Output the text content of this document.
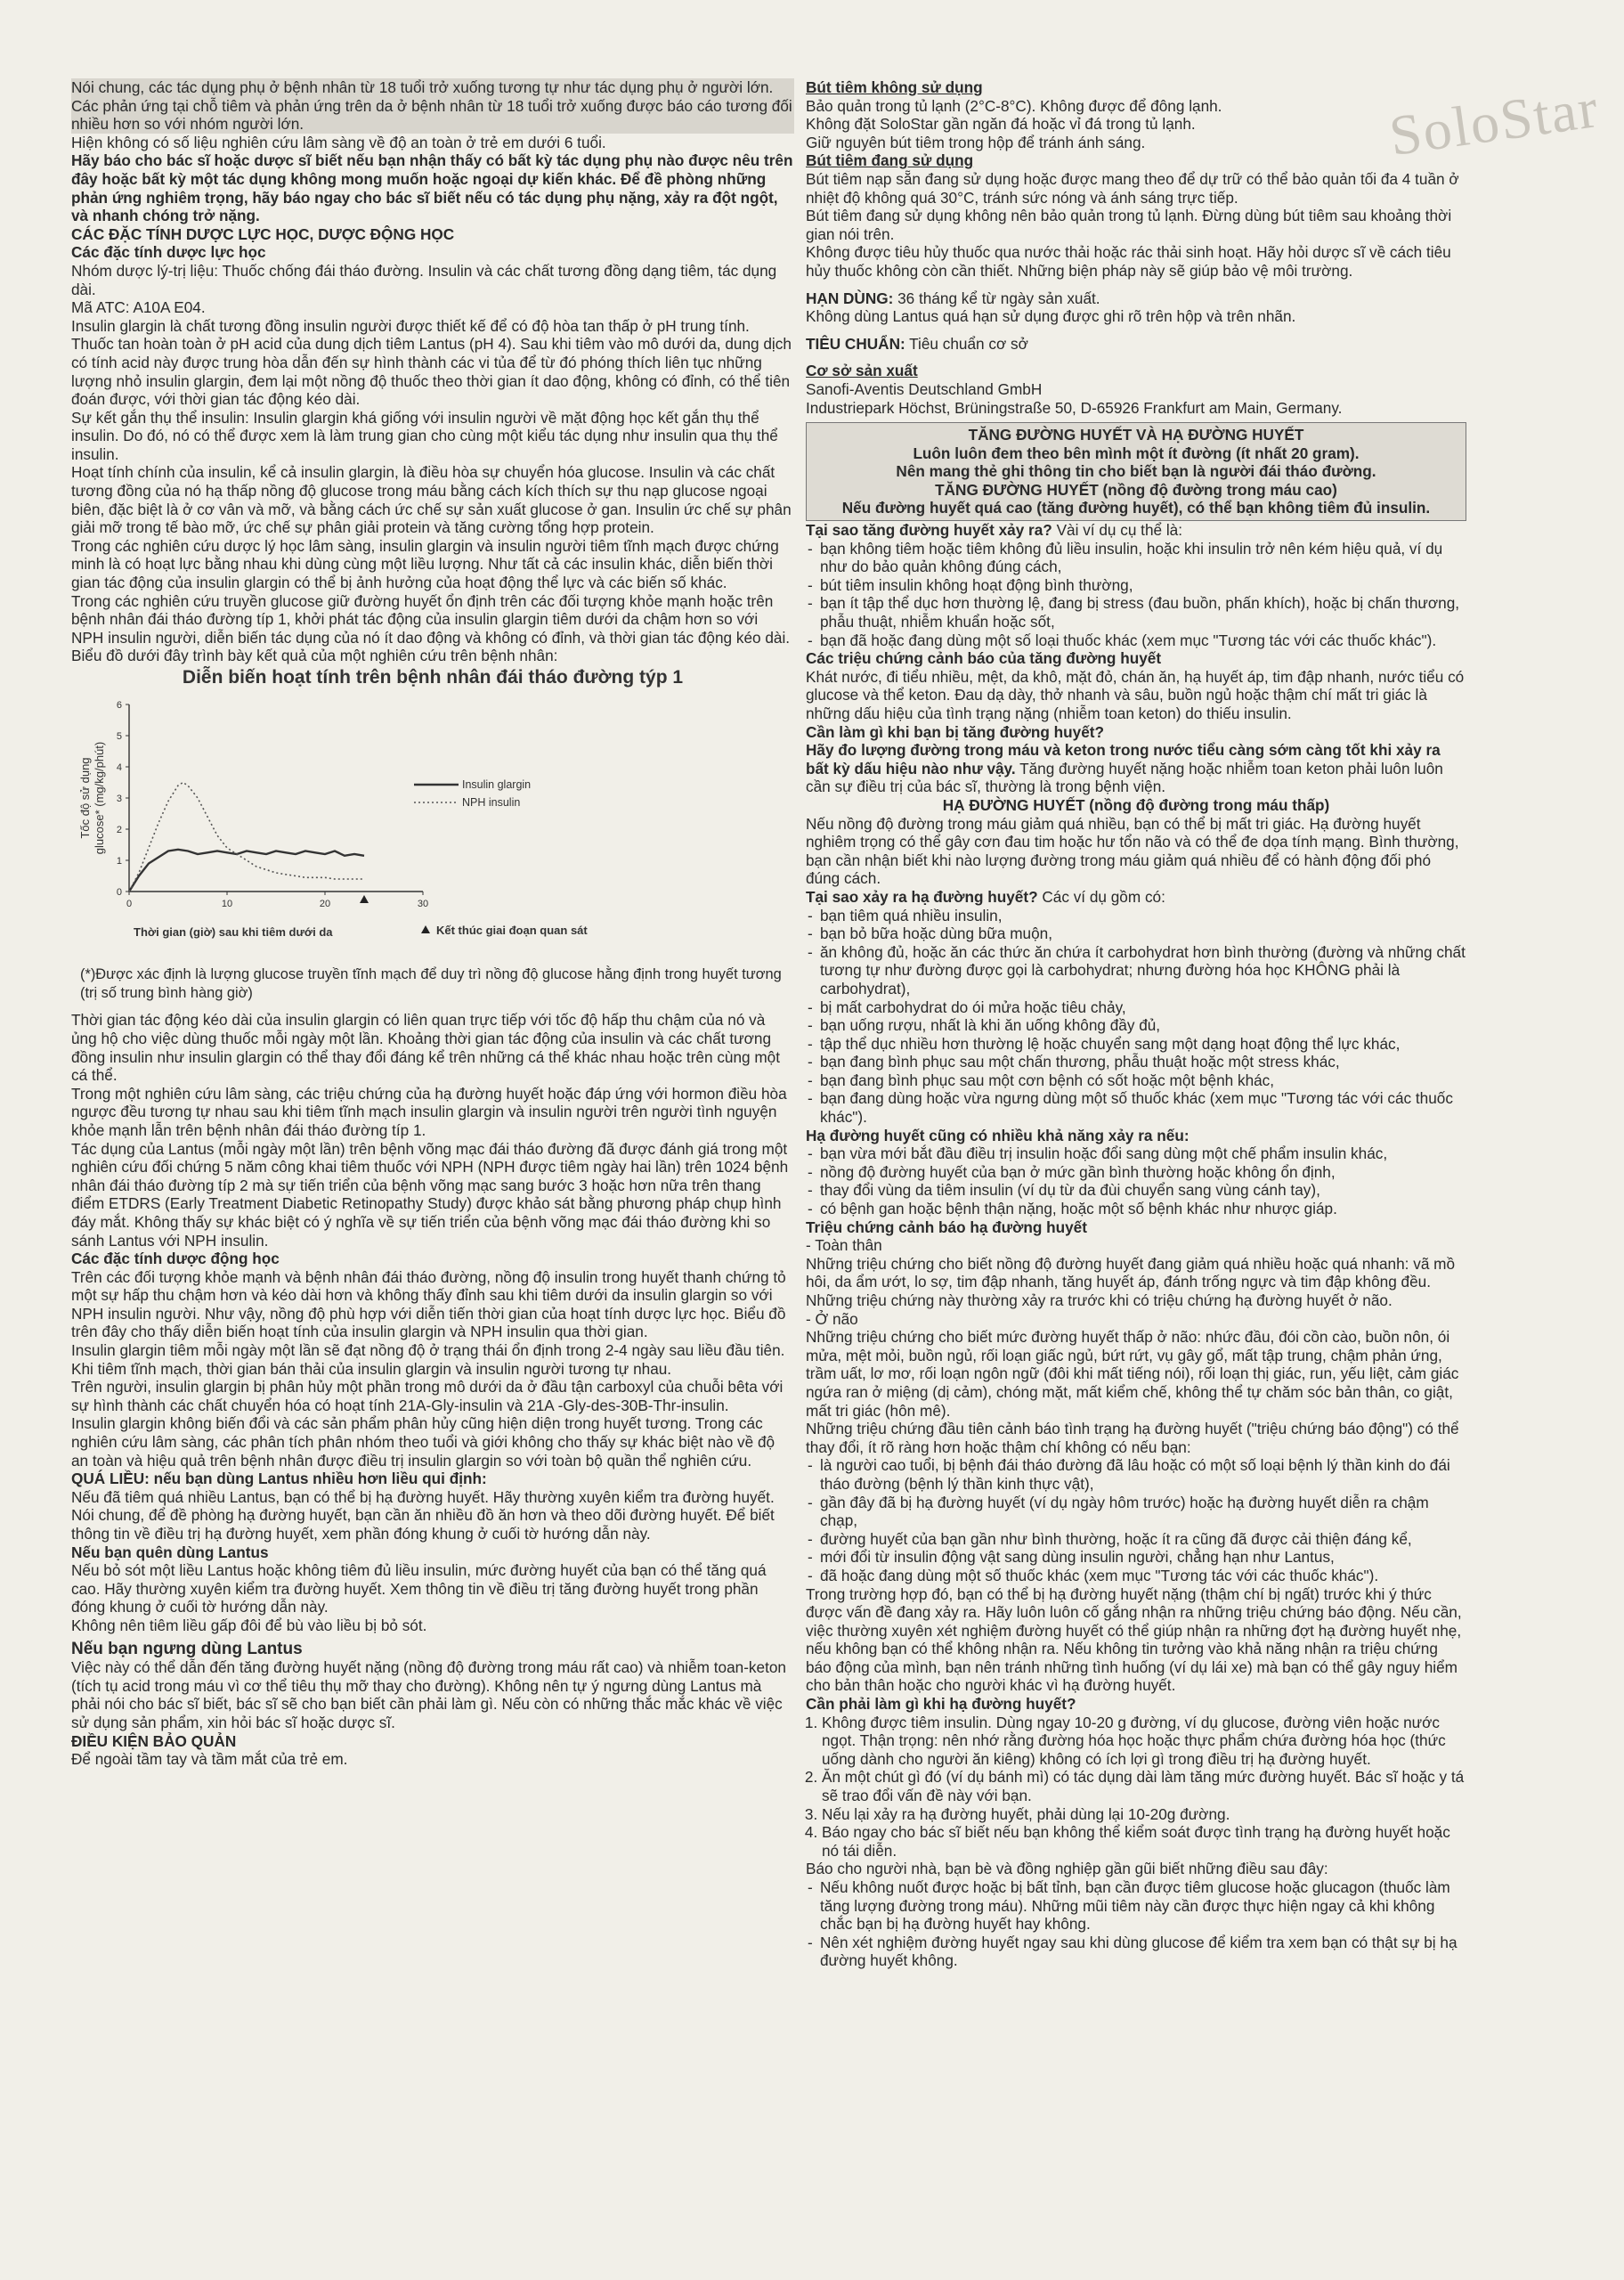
SoloStar

Nói chung, các tác dụng phụ ở bệnh nhân từ 18 tuổi trở xuống tương tự như tác dụng phụ ở người lớn. Các phản ứng tại chỗ tiêm và phản ứng trên da ở bệnh nhân từ 18 tuổi trở xuống được báo cáo tương đối nhiều hơn so với nhóm người lớn.

Hiện không có số liệu nghiên cứu lâm sàng về độ an toàn ở trẻ em dưới 6 tuổi.

Hãy báo cho bác sĩ hoặc dược sĩ biết nếu bạn nhận thấy có bất kỳ tác dụng phụ nào được nêu trên đây hoặc bất kỳ một tác dụng không mong muốn hoặc ngoại dự kiến khác. Để đề phòng những phản ứng nghiêm trọng, hãy báo ngay cho bác sĩ biết nếu có tác dụng phụ nặng, xảy ra đột ngột, và nhanh chóng trở nặng.

CÁC ĐẶC TÍNH DƯỢC LỰC HỌC, DƯỢC ĐỘNG HỌC

Các đặc tính dược lực học

Nhóm dược lý-trị liệu: Thuốc chống đái tháo đường. Insulin và các chất tương đồng dạng tiêm, tác dụng dài.

Mã ATC: A10A E04.

Insulin glargin là chất tương đồng insulin người được thiết kế để có độ hòa tan thấp ở pH trung tính. Thuốc tan hoàn toàn ở pH acid của dung dịch tiêm Lantus (pH 4). Sau khi tiêm vào mô dưới da, dung dịch có tính acid này được trung hòa dẫn đến sự hình thành các vi tủa để từ đó phóng thích liên tục những lượng nhỏ insulin glargin, đem lại một nồng độ thuốc theo thời gian ít dao động, không có đỉnh, có thể tiên đoán được, với thời gian tác động kéo dài.

Sự kết gắn thụ thể insulin: Insulin glargin khá giống với insulin người về mặt động học kết gắn thụ thể insulin. Do đó, nó có thể được xem là làm trung gian cho cùng một kiểu tác dụng như insulin qua thụ thể insulin.

Hoạt tính chính của insulin, kể cả insulin glargin, là điều hòa sự chuyển hóa glucose. Insulin và các chất tương đồng của nó hạ thấp nồng độ glucose trong máu bằng cách kích thích sự thu nạp glucose ngoại biên, đặc biệt là ở cơ vân và mỡ, và bằng cách ức chế sự sản xuất glucose ở gan. Insulin ức chế sự phân giải mỡ trong tế bào mỡ, ức chế sự phân giải protein và tăng cường tổng hợp protein.

Trong các nghiên cứu dược lý học lâm sàng, insulin glargin và insulin người tiêm tĩnh mạch được chứng minh là có hoạt lực bằng nhau khi dùng cùng một liều lượng. Như tất cả các insulin khác, diễn biến thời gian tác động của insulin glargin có thể bị ảnh hưởng của hoạt động thể lực và các biến số khác.

Trong các nghiên cứu truyền glucose giữ đường huyết ổn định trên các đối tượng khỏe mạnh hoặc trên bệnh nhân đái tháo đường típ 1, khởi phát tác động của insulin glargin tiêm dưới da chậm hơn so với NPH insulin người, diễn biến tác dụng của nó ít dao động và không có đỉnh, và thời gian tác động kéo dài.

Biểu đồ dưới đây trình bày kết quả của một nghiên cứu trên bệnh nhân:

Diễn biến hoạt tính trên bệnh nhân đái tháo đường týp 1
0
1
2
3
4
5
6
0	10	20	30
Tốc độ sử dụng glucose* (mg/kg/phút)	Insulin glargin
NPH insulin
Thời gian (giờ) sau khi tiêm dưới da	Kết thúc giai đoạn quan sát

(*)Được xác định là lượng glucose truyền tĩnh mạch để duy trì nồng độ glucose hằng định trong huyết tương (trị số trung bình hàng giờ)

Thời gian tác động kéo dài của insulin glargin có liên quan trực tiếp với tốc độ hấp thu chậm của nó và ủng hộ cho việc dùng thuốc mỗi ngày một lần. Khoảng thời gian tác động của insulin và các chất tương đồng insulin như insulin glargin có thể thay đổi đáng kể trên những cá thể khác nhau hoặc trên cùng một cá thể.

Trong một nghiên cứu lâm sàng, các triệu chứng của hạ đường huyết hoặc đáp ứng với hormon điều hòa ngược đều tương tự nhau sau khi tiêm tĩnh mạch insulin glargin và insulin người trên người tình nguyện khỏe mạnh lẫn trên bệnh nhân đái tháo đường típ 1.

Tác dụng của Lantus (mỗi ngày một lần) trên bệnh võng mạc đái tháo đường đã được đánh giá trong một nghiên cứu đối chứng 5 năm công khai tiêm thuốc với NPH (NPH được tiêm ngày hai lần) trên 1024 bệnh nhân đái tháo đường típ 2 mà sự tiến triển của bệnh võng mạc sang bước 3 hoặc hơn nữa trên thang điểm ETDRS (Early Treatment Diabetic Retinopathy Study) được khảo sát bằng phương pháp chụp hình đáy mắt. Không thấy sự khác biệt có ý nghĩa về sự tiến triển của bệnh võng mạc đái tháo đường khi so sánh Lantus với NPH insulin.

Các đặc tính dược động học

Trên các đối tượng khỏe mạnh và bệnh nhân đái tháo đường, nồng độ insulin trong huyết thanh chứng tỏ một sự hấp thu chậm hơn và kéo dài hơn và không thấy đỉnh sau khi tiêm dưới da insulin glargin so với NPH insulin người. Như vậy, nồng độ phù hợp với diễn tiến thời gian của hoạt tính dược lực học. Biểu đồ trên đây cho thấy diễn biến hoạt tính của insulin glargin và NPH insulin qua thời gian.

Insulin glargin tiêm mỗi ngày một lần sẽ đạt nồng độ ở trạng thái ổn định trong 2-4 ngày sau liều đầu tiên.

Khi tiêm tĩnh mạch, thời gian bán thải của insulin glargin và insulin người tương tự nhau.

Trên người, insulin glargin bị phân hủy một phần trong mô dưới da ở đầu tận carboxyl của chuỗi bêta với sự hình thành các chất chuyển hóa có hoạt tính 21A-Gly-insulin và 21A -Gly-des-30B-Thr-insulin.

Insulin glargin không biến đổi và các sản phẩm phân hủy cũng hiện diện trong huyết tương. Trong các nghiên cứu lâm sàng, các phân tích phân nhóm theo tuổi và giới không cho thấy sự khác biệt nào về độ an toàn và hiệu quả trên bệnh nhân được điều trị insulin glargin so với toàn bộ quần thể nghiên cứu.

QUÁ LIỀU: nếu bạn dùng Lantus nhiều hơn liều qui định:

Nếu đã tiêm quá nhiều Lantus, bạn có thể bị hạ đường huyết. Hãy thường xuyên kiểm tra đường huyết. Nói chung, để đề phòng hạ đường huyết, bạn cần ăn nhiều đồ ăn hơn và theo dõi đường huyết. Để biết thông tin về điều trị hạ đường huyết, xem phần đóng khung ở cuối tờ hướng dẫn này.

Nếu bạn quên dùng Lantus

Nếu bỏ sót một liều Lantus hoặc không tiêm đủ liều insulin, mức đường huyết của bạn có thể tăng quá cao. Hãy thường xuyên kiểm tra đường huyết. Xem thông tin về điều trị tăng đường huyết trong phần đóng khung ở cuối tờ hướng dẫn này.

Không nên tiêm liều gấp đôi để bù vào liều bị bỏ sót.

Nếu bạn ngưng dùng Lantus

Việc này có thể dẫn đến tăng đường huyết nặng (nồng độ đường trong máu rất cao) và nhiễm toan-keton (tích tụ acid trong máu vì cơ thể tiêu thụ mỡ thay cho đường). Không nên tự ý ngưng dùng Lantus mà phải nói cho bác sĩ biết, bác sĩ sẽ cho bạn biết cần phải làm gì. Nếu còn có những thắc mắc khác về việc sử dụng sản phẩm, xin hỏi bác sĩ hoặc dược sĩ.

ĐIỀU KIỆN BẢO QUẢN

Để ngoài tầm tay và tầm mắt của trẻ em.

Bút tiêm không sử dụng

Bảo quản trong tủ lạnh (2°C-8°C). Không được để đông lạnh.

Không đặt SoloStar gần ngăn đá hoặc vỉ đá trong tủ lạnh.

Giữ nguyên bút tiêm trong hộp để tránh ánh sáng.

Bút tiêm đang sử dụng

Bút tiêm nạp sẵn đang sử dụng hoặc được mang theo để dự trữ có thể bảo quản tối đa 4 tuần ở nhiệt độ không quá 30°C, tránh sức nóng và ánh sáng trực tiếp.

Bút tiêm đang sử dụng không nên bảo quản trong tủ lạnh. Đừng dùng bút tiêm sau khoảng thời gian nói trên.

Không được tiêu hủy thuốc qua nước thải hoặc rác thải sinh hoạt. Hãy hỏi dược sĩ về cách tiêu hủy thuốc không còn cần thiết. Những biện pháp này sẽ giúp bảo vệ môi trường.

HẠN DÙNG: 36 tháng kể từ ngày sản xuất.

Không dùng Lantus quá hạn sử dụng được ghi rõ trên hộp và trên nhãn.

TIÊU CHUẨN: Tiêu chuẩn cơ sở

Cơ sở sản xuất

Sanofi-Aventis Deutschland GmbH

Industriepark Höchst, Brüningstraße 50, D-65926 Frankfurt am Main, Germany.

TĂNG ĐƯỜNG HUYẾT VÀ HẠ ĐƯỜNG HUYẾT

Luôn luôn đem theo bên mình một ít đường (ít nhất 20 gram).

Nên mang thẻ ghi thông tin cho biết bạn là người đái tháo đường.

TĂNG ĐƯỜNG HUYẾT (nồng độ đường trong máu cao)

Nếu đường huyết quá cao (tăng đường huyết), có thể bạn không tiêm đủ insulin.

Tại sao tăng đường huyết xảy ra? Vài ví dụ cụ thể là:

- bạn không tiêm hoặc tiêm không đủ liều insulin, hoặc khi insulin trở nên kém hiệu quả, ví dụ như do bảo quản không đúng cách,
- bút tiêm insulin không hoạt động bình thường,
- bạn ít tập thể dục hơn thường lệ, đang bị stress (đau buồn, phấn khích), hoặc bị chấn thương, phẫu thuật, nhiễm khuẩn hoặc sốt,
- bạn đã hoặc đang dùng một số loại thuốc khác (xem mục "Tương tác với các thuốc khác").

Các triệu chứng cảnh báo của tăng đường huyết

Khát nước, đi tiểu nhiều, mệt, da khô, mặt đỏ, chán ăn, hạ huyết áp, tim đập nhanh, nước tiểu có glucose và thể keton. Đau dạ dày, thở nhanh và sâu, buồn ngủ hoặc thậm chí mất tri giác là những dấu hiệu của tình trạng nặng (nhiễm toan keton) do thiếu insulin.

Cần làm gì khi bạn bị tăng đường huyết?

Hãy đo lượng đường trong máu và keton trong nước tiểu càng sớm càng tốt khi xảy ra bất kỳ dấu hiệu nào như vậy. Tăng đường huyết nặng hoặc nhiễm toan keton phải luôn luôn cần sự điều trị của bác sĩ, thường là trong bệnh viện.

HẠ ĐƯỜNG HUYẾT (nồng độ đường trong máu thấp)

Nếu nồng độ đường trong máu giảm quá nhiều, bạn có thể bị mất tri giác. Hạ đường huyết nghiêm trọng có thể gây cơn đau tim hoặc hư tổn não và có thể đe dọa tính mạng. Bình thường, bạn cần nhận biết khi nào lượng đường trong máu giảm quá nhiều để có hành động đối phó đúng cách.

Tại sao xảy ra hạ đường huyết? Các ví dụ gồm có:

- bạn tiêm quá nhiều insulin,
- bạn bỏ bữa hoặc dùng bữa muộn,
- ăn không đủ, hoặc ăn các thức ăn chứa ít carbohydrat hơn bình thường (đường và những chất tương tự như đường được gọi là carbohydrat; nhưng đường hóa học KHÔNG phải là carbohydrat),
- bị mất carbohydrat do ói mửa hoặc tiêu chảy,
- bạn uống rượu, nhất là khi ăn uống không đầy đủ,
- tập thể dục nhiều hơn thường lệ hoặc chuyển sang một dạng hoạt động thể lực khác,
- bạn đang bình phục sau một chấn thương, phẫu thuật hoặc một stress khác,
- bạn đang bình phục sau một cơn bệnh có sốt hoặc một bệnh khác,
- bạn đang dùng hoặc vừa ngưng dùng một số thuốc khác (xem mục "Tương tác với các thuốc khác").

Hạ đường huyết cũng có nhiều khả năng xảy ra nếu:

- bạn vừa mới bắt đầu điều trị insulin hoặc đổi sang dùng một chế phẩm insulin khác,
- nồng độ đường huyết của bạn ở mức gần bình thường hoặc không ổn định,
- thay đổi vùng da tiêm insulin (ví dụ từ da đùi chuyển sang vùng cánh tay),
- có bệnh gan hoặc bệnh thận nặng, hoặc một số bệnh khác như nhược giáp.

Triệu chứng cảnh báo hạ đường huyết

- Toàn thân

Những triệu chứng cho biết nồng độ đường huyết đang giảm quá nhiều hoặc quá nhanh: vã mồ hôi, da ẩm ướt, lo sợ, tim đập nhanh, tăng huyết áp, đánh trống ngực và tim đập không đều. Những triệu chứng này thường xảy ra trước khi có triệu chứng hạ đường huyết ở não.

- Ở não

Những triệu chứng cho biết mức đường huyết thấp ở não: nhức đầu, đói cồn cào, buồn nôn, ói mửa, mệt mỏi, buồn ngủ, rối loạn giấc ngủ, bứt rứt, vụ gây gổ, mất tập trung, chậm phản ứng, trầm uất, lơ mơ, rối loạn ngôn ngữ (đôi khi mất tiếng nói), rối loạn thị giác, run, yếu liệt, cảm giác ngứa ran ở miệng (dị cảm), chóng mặt, mất kiểm chế, không thể tự chăm sóc bản thân, co giật, mất tri giác (hôn mê).

Những triệu chứng đầu tiên cảnh báo tình trạng hạ đường huyết ("triệu chứng báo động") có thể thay đổi, ít rõ ràng hơn hoặc thậm chí không có nếu bạn:

- là người cao tuổi, bị bệnh đái tháo đường đã lâu hoặc có một số loại bệnh lý thần kinh do đái tháo đường (bệnh lý thần kinh thực vật),
- gần đây đã bị hạ đường huyết (ví dụ ngày hôm trước) hoặc hạ đường huyết diễn ra chậm chạp,
- đường huyết của bạn gần như bình thường, hoặc ít ra cũng đã được cải thiện đáng kể,
- mới đổi từ insulin động vật sang dùng insulin người, chẳng hạn như Lantus,
- đã hoặc đang dùng một số thuốc khác (xem mục "Tương tác với các thuốc khác").

Trong trường hợp đó, bạn có thể bị hạ đường huyết nặng (thậm chí bị ngất) trước khi ý thức được vấn đề đang xảy ra. Hãy luôn luôn cố gắng nhận ra những triệu chứng báo động. Nếu cần, việc thường xuyên xét nghiệm đường huyết có thể giúp nhận ra những đợt hạ đường huyết nhẹ, nếu không bạn có thể không nhận ra. Nếu không tin tưởng vào khả năng nhận ra triệu chứng báo động của mình, bạn nên tránh những tình huống (ví dụ lái xe) mà bạn có thể gây nguy hiểm cho bản thân hoặc cho người khác vì hạ đường huyết.

Cần phải làm gì khi hạ đường huyết?

1. Không được tiêm insulin. Dùng ngay 10-20 g đường, ví dụ glucose, đường viên hoặc nước ngọt. Thận trọng: nên nhớ rằng đường hóa học hoặc thực phẩm chứa đường hóa học (thức uống dành cho người ăn kiêng) không có ích lợi gì trong điều trị hạ đường huyết.
2. Ăn một chút gì đó (ví dụ bánh mì) có tác dụng dài làm tăng mức đường huyết. Bác sĩ hoặc y tá sẽ trao đổi vấn đề này với bạn.
3. Nếu lại xảy ra hạ đường huyết, phải dùng lại 10-20g đường.
4. Báo ngay cho bác sĩ biết nếu bạn không thể kiểm soát được tình trạng hạ đường huyết hoặc nó tái diễn.

Báo cho người nhà, bạn bè và đồng nghiệp gần gũi biết những điều sau đây:

- Nếu không nuốt được hoặc bị bất tỉnh, bạn cần được tiêm glucose hoặc glucagon (thuốc làm tăng lượng đường trong máu). Những mũi tiêm này cần được thực hiện ngay cả khi không chắc bạn bị hạ đường huyết hay không.
- Nên xét nghiệm đường huyết ngay sau khi dùng glucose để kiểm tra xem bạn có thật sự bị hạ đường huyết không.
